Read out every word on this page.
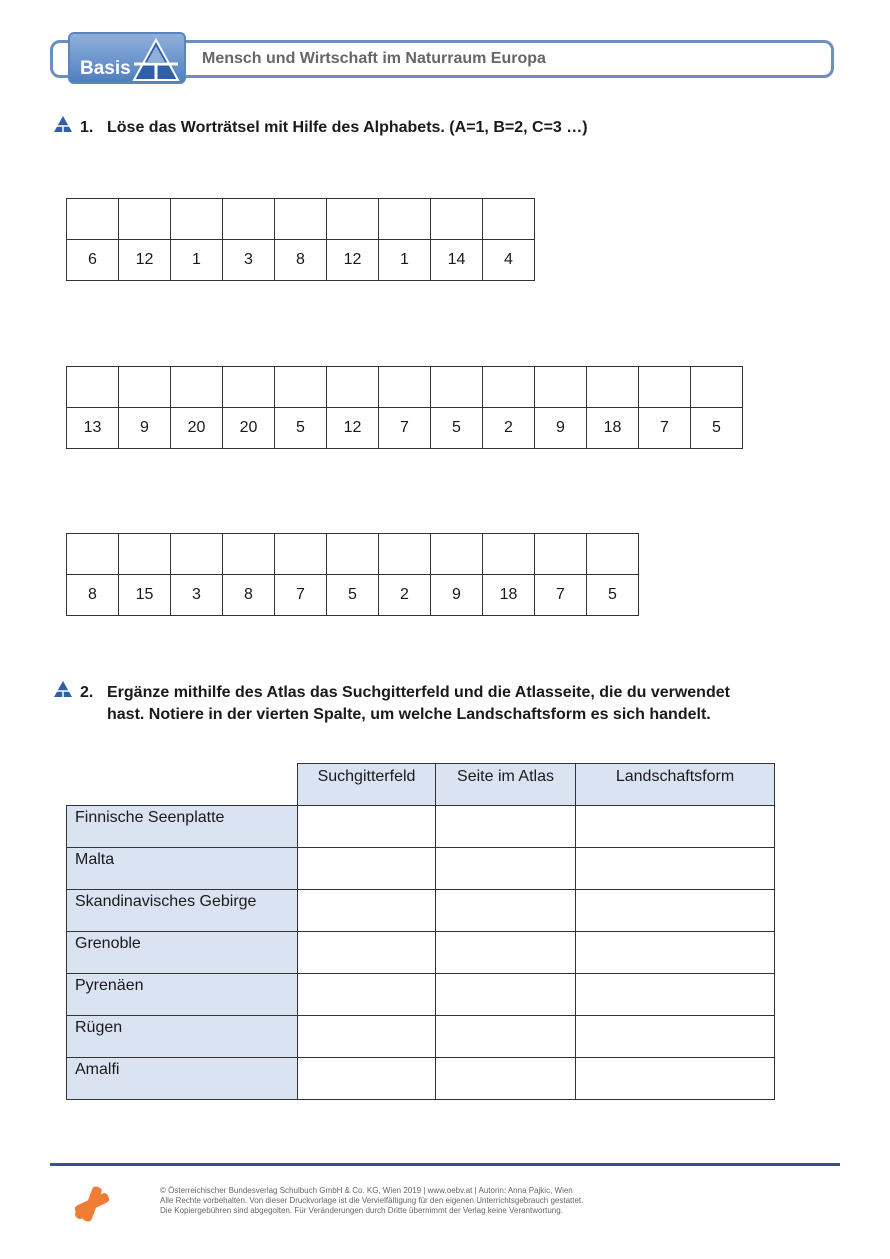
Basis	Mensch und Wirtschaft im Naturraum Europa
1. Löse das Worträtsel mit Hilfe des Alphabets. (A=1, B=2, C=3 …)

6	12	1	3	8	12	1	14	4

13	9	20	20	5	12	7	5	2	9	18	7	5

8	15	3	8	7	5	2	9	18	7	5
2. Ergänze mithilfe des Atlas das Suchgitterfeld und die Atlasseite, die du verwendet
hast. Notiere in der vierten Spalte, um welche Landschaftsform es sich handelt.
	Suchgitterfeld	Seite im Atlas	Landschaftsform
Finnische Seenplatte			
Malta			
Skandinavisches Gebirge			
Grenoble			
Pyrenäen			
Rügen			
Amalfi			
© Österreichischer Bundesverlag Schulbuch GmbH & Co. KG, Wien 2019 | www.oebv.at | Autorin: Anna Pajkic, Wien
Alle Rechte vorbehalten. Von dieser Druckvorlage ist die Vervielfältigung für den eigenen Unterrichtsgebrauch gestattet.
Die Kopiergebühren sind abgegolten. Für Veränderungen durch Dritte übernimmt der Verlag keine Verantwortung.
